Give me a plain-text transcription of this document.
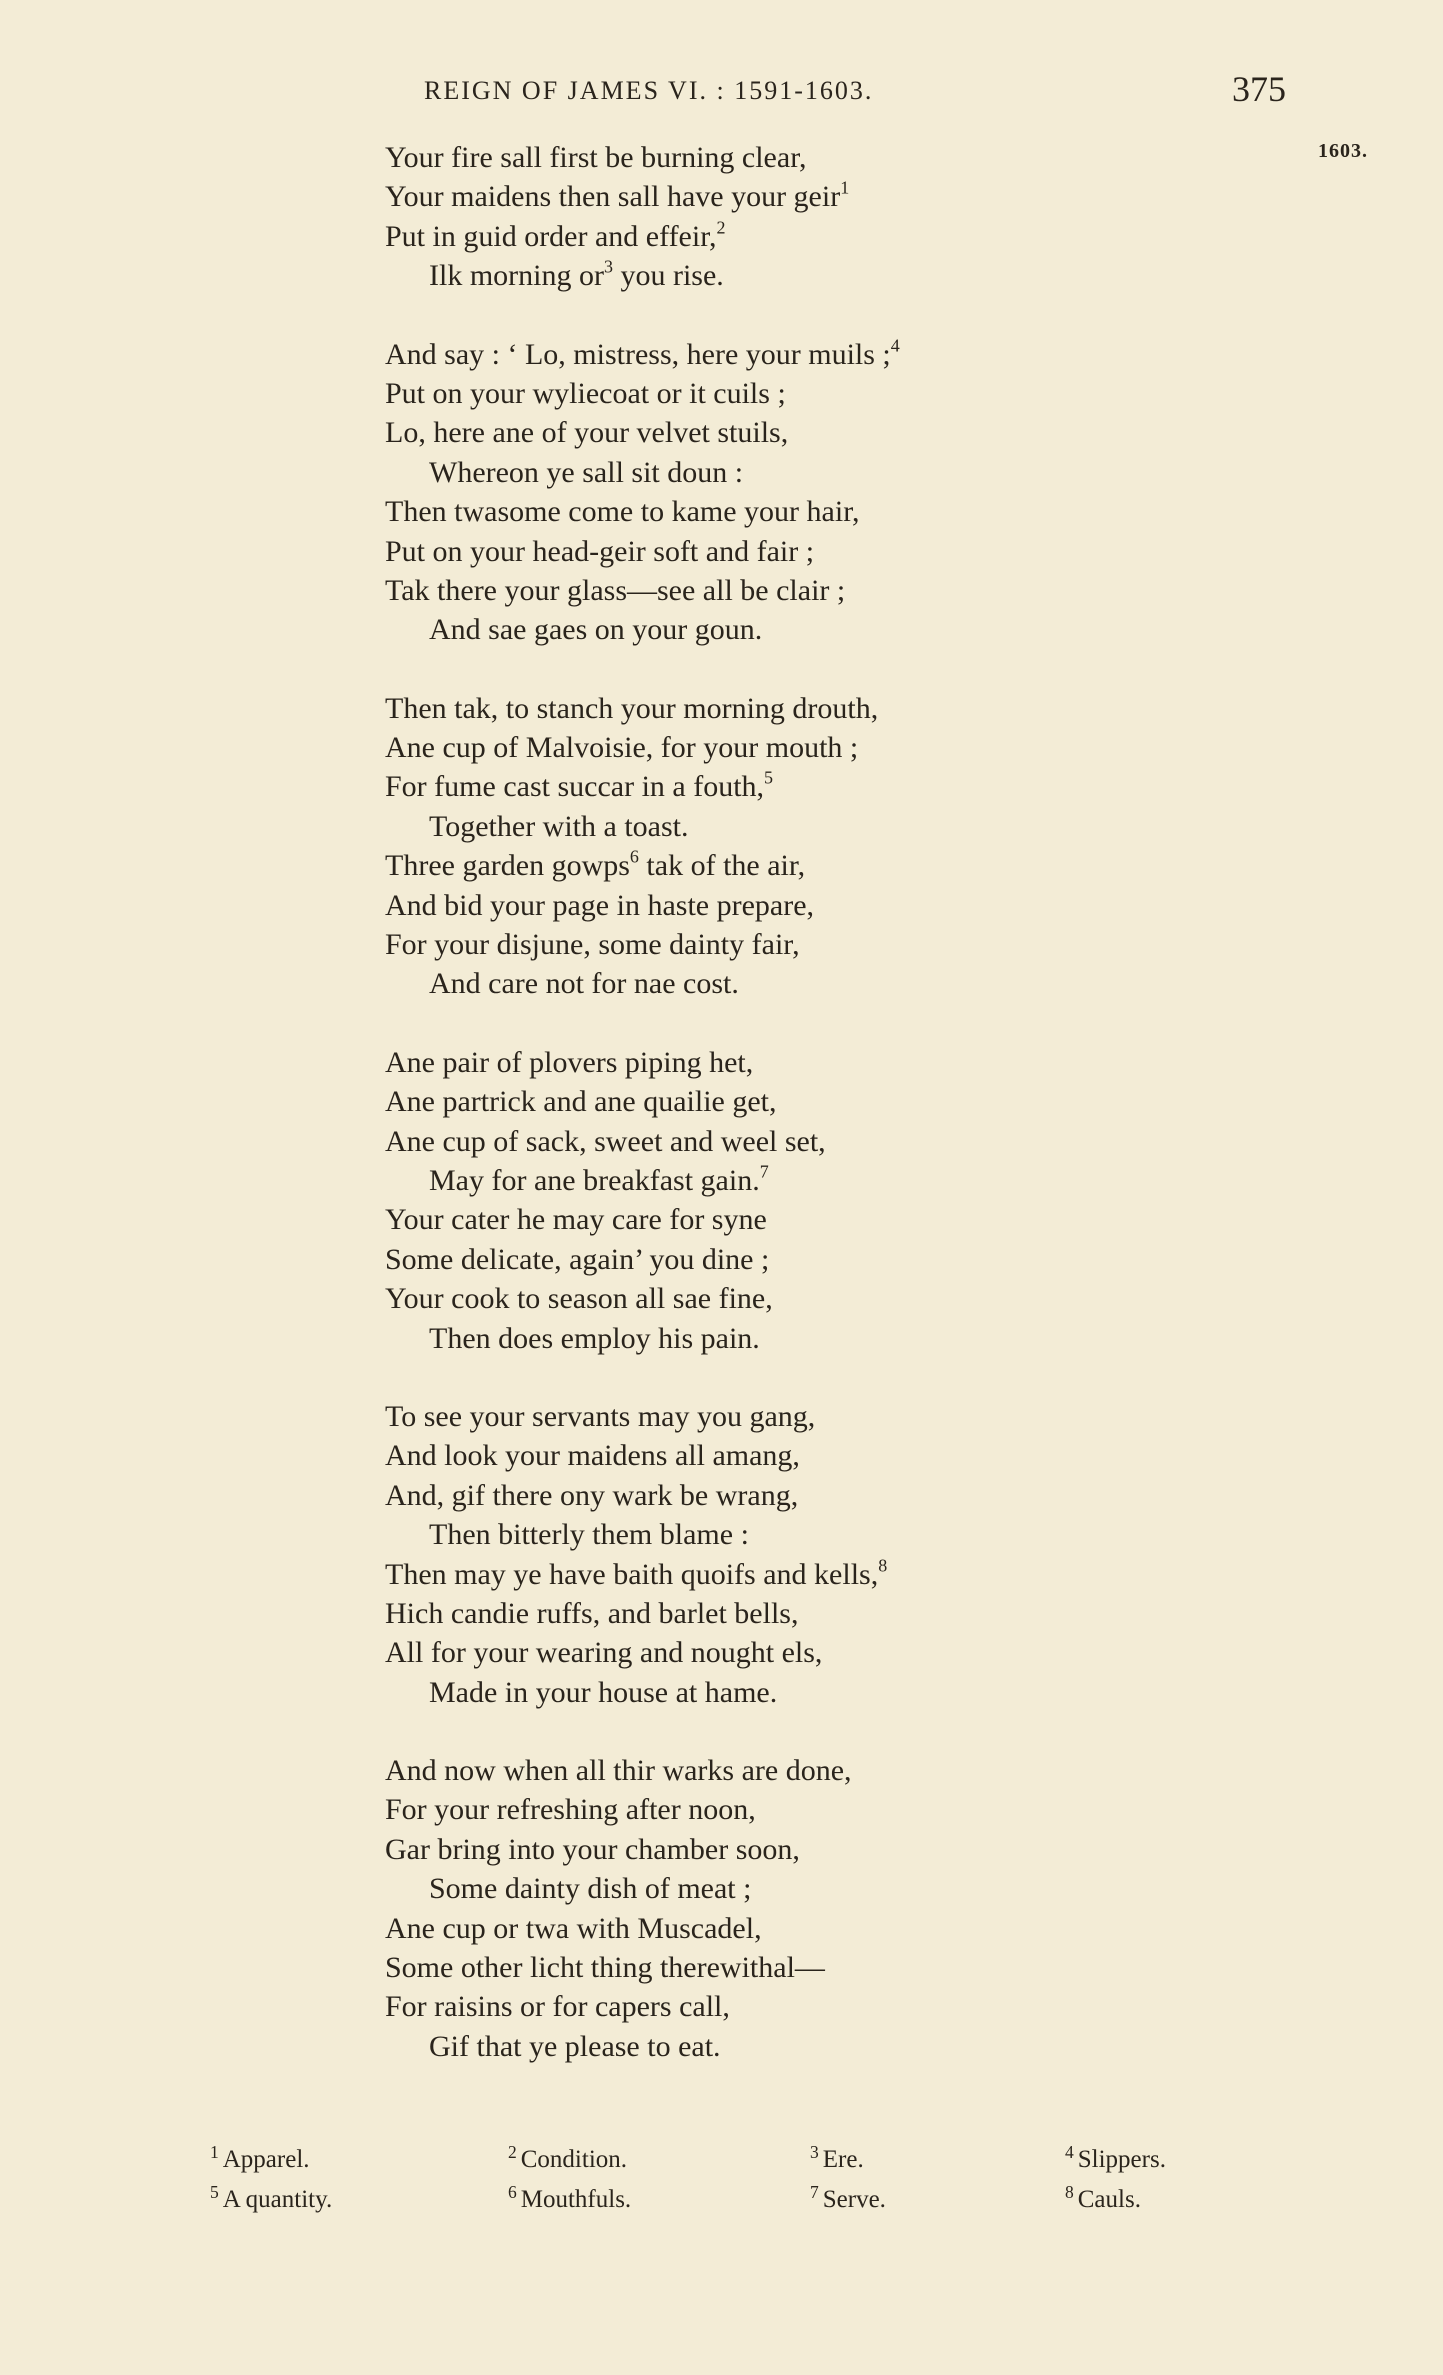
REIGN OF JAMES VI. : 1591-1603.	375
1603.
Your fire sall first be burning clear,
Your maidens then sall have your geir$^1$
Put in guid order and effeir,$^2$
Ilk morning $or^3$ you rise.
And say : ‘ Lo, mistress, here your muils ;$^4$
Put on your wyliecoat or it cuils ;
Lo, here ane of your velvet stuils,
Whereon ye sall sit doun :
Then twasome come to kame your hair,
Put on your head-geir soft and fair ;
Tak there your glass—see all be clair ;
And sae gaes on your goun.
Then tak, to stanch your morning drouth,
Ane cup of Malvoisie, for your mouth ;
For fume cast succar in a fouth,$^5$
Together with a toast.
Three garden gowps$^6$ tak of the air,
And bid your page in haste prepare,
For your disjune, some dainty fair,
And care not for nae cost.
Ane pair of plovers piping het,
Ane partrick and ane quailie get,
Ane cup of sack, sweet and weel set,
May for ane breakfast gain.$^7$
Your cater he may care for syne
Some delicate, again’ you dine ;
Your cook to season all sae fine,
Then does employ his pain.
To see your servants may you gang,
And look your maidens all amang,
And, gif there ony wark be wrang,
Then bitterly them blame :
Then may ye have baith quoifs and kells,$^8$
Hich candie ruffs, and barlet bells,
All for your wearing and nought els,
Made in your house at hame.
And now when all thir warks are done,
For your refreshing after noon,
Gar bring into your chamber soon,
Some dainty dish of meat ;
Ane cup or twa with Muscadel,
Some other licht thing therewithal—
For raisins or for capers call,
Gif that ye please to eat.
$^1$ Apparel.	$^2$ Condition.	$^3$ Ere.	$^4$ Slippers.
$^5$ A quantity.	$^6$ Mouthfuls.	$^7$ Serve.	$^8$ Cauls.
